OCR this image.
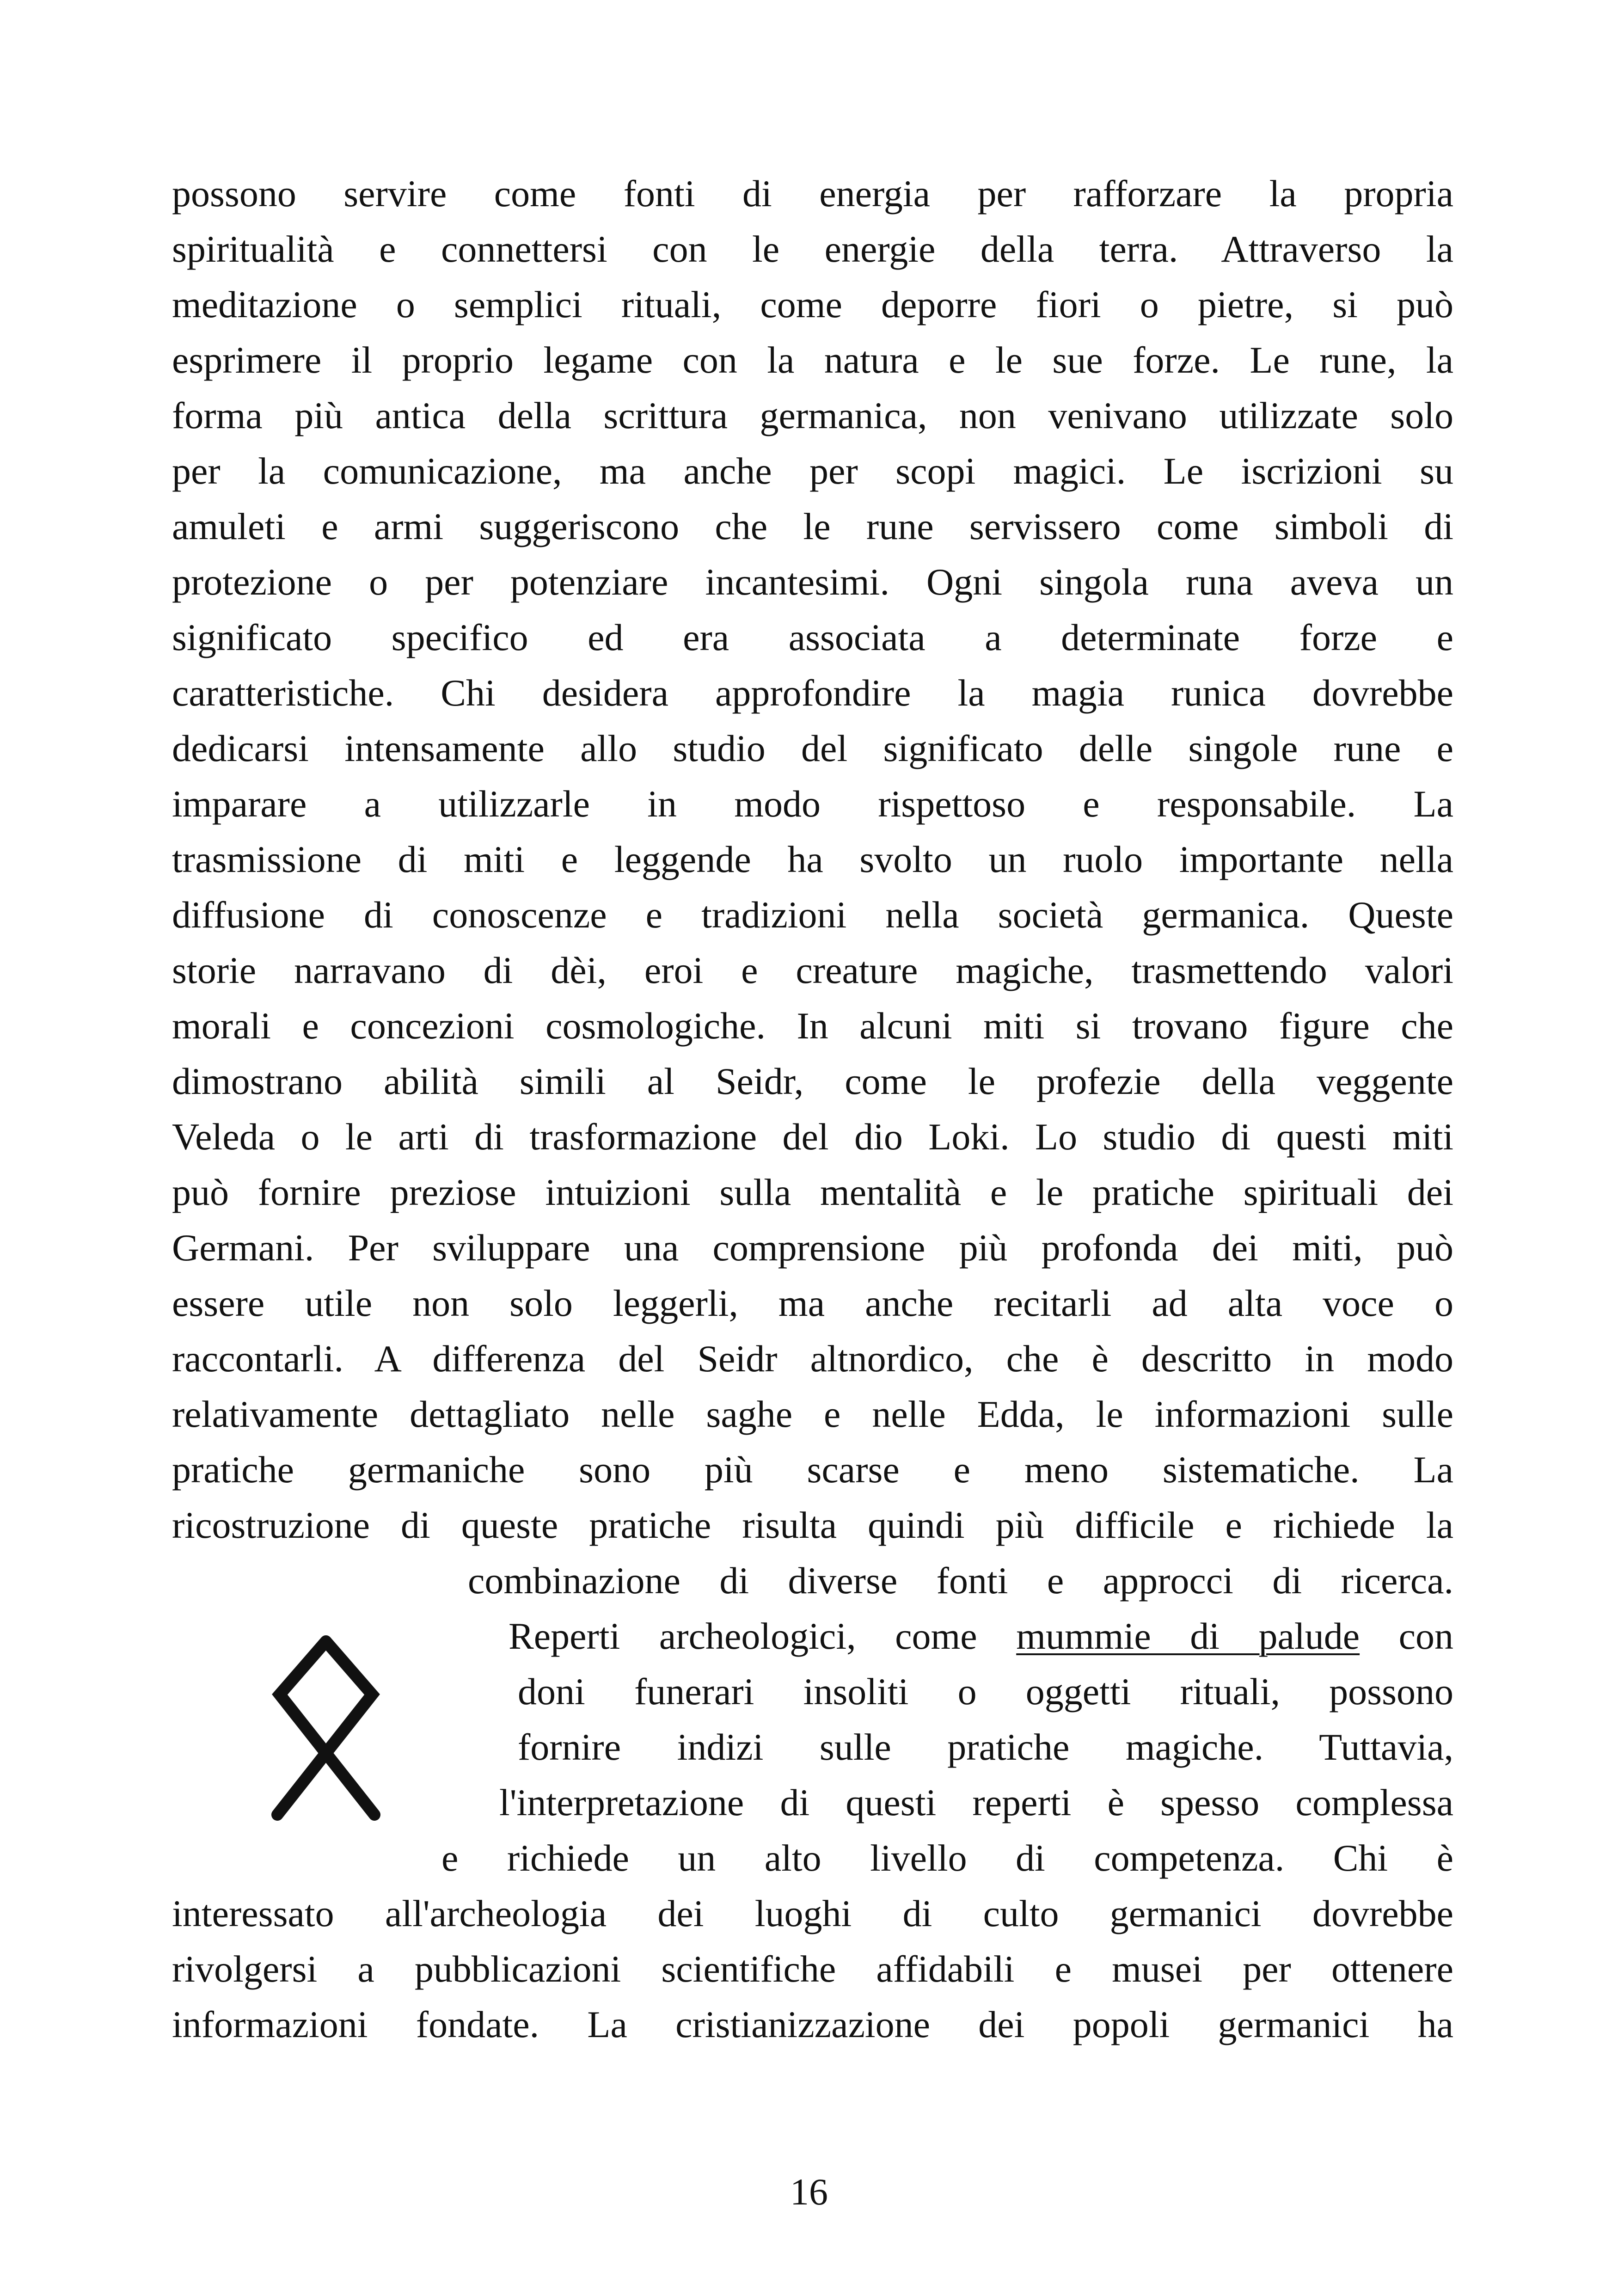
possono servire come fonti di energia per rafforzare la propria
spiritualità e connettersi con le energie della terra. Attraverso la
meditazione o semplici rituali, come deporre fiori o pietre, si può
esprimere il proprio legame con la natura e le sue forze. Le rune, la
forma più antica della scrittura germanica, non venivano utilizzate solo
per la comunicazione, ma anche per scopi magici. Le iscrizioni su
amuleti e armi suggeriscono che le rune servissero come simboli di
protezione o per potenziare incantesimi. Ogni singola runa aveva un
significato specifico ed era associata a determinate forze e
caratteristiche. Chi desidera approfondire la magia runica dovrebbe
dedicarsi intensamente allo studio del significato delle singole rune e
imparare a utilizzarle in modo rispettoso e responsabile. La
trasmissione di miti e leggende ha svolto un ruolo importante nella
diffusione di conoscenze e tradizioni nella società germanica. Queste
storie narravano di dèi, eroi e creature magiche, trasmettendo valori
morali e concezioni cosmologiche. In alcuni miti si trovano figure che
dimostrano abilità simili al Seidr, come le profezie della veggente
Veleda o le arti di trasformazione del dio Loki. Lo studio di questi miti
può fornire preziose intuizioni sulla mentalità e le pratiche spirituali dei
Germani. Per sviluppare una comprensione più profonda dei miti, può
essere utile non solo leggerli, ma anche recitarli ad alta voce o
raccontarli. A differenza del Seidr altnordico, che è descritto in modo
relativamente dettagliato nelle saghe e nelle Edda, le informazioni sulle
pratiche germaniche sono più scarse e meno sistematiche. La
ricostruzione di queste pratiche risulta quindi più difficile e richiede la
combinazione di diverse fonti e approcci di ricerca.
Reperti archeologici, come mummie di palude con
doni funerari insoliti o oggetti rituali, possono
fornire indizi sulle pratiche magiche. Tuttavia,
l'interpretazione di questi reperti è spesso complessa
e richiede un alto livello di competenza. Chi è
interessato all'archeologia dei luoghi di culto germanici dovrebbe
rivolgersi a pubblicazioni scientifiche affidabili e musei per ottenere
informazioni fondate. La cristianizzazione dei popoli germanici ha
16
